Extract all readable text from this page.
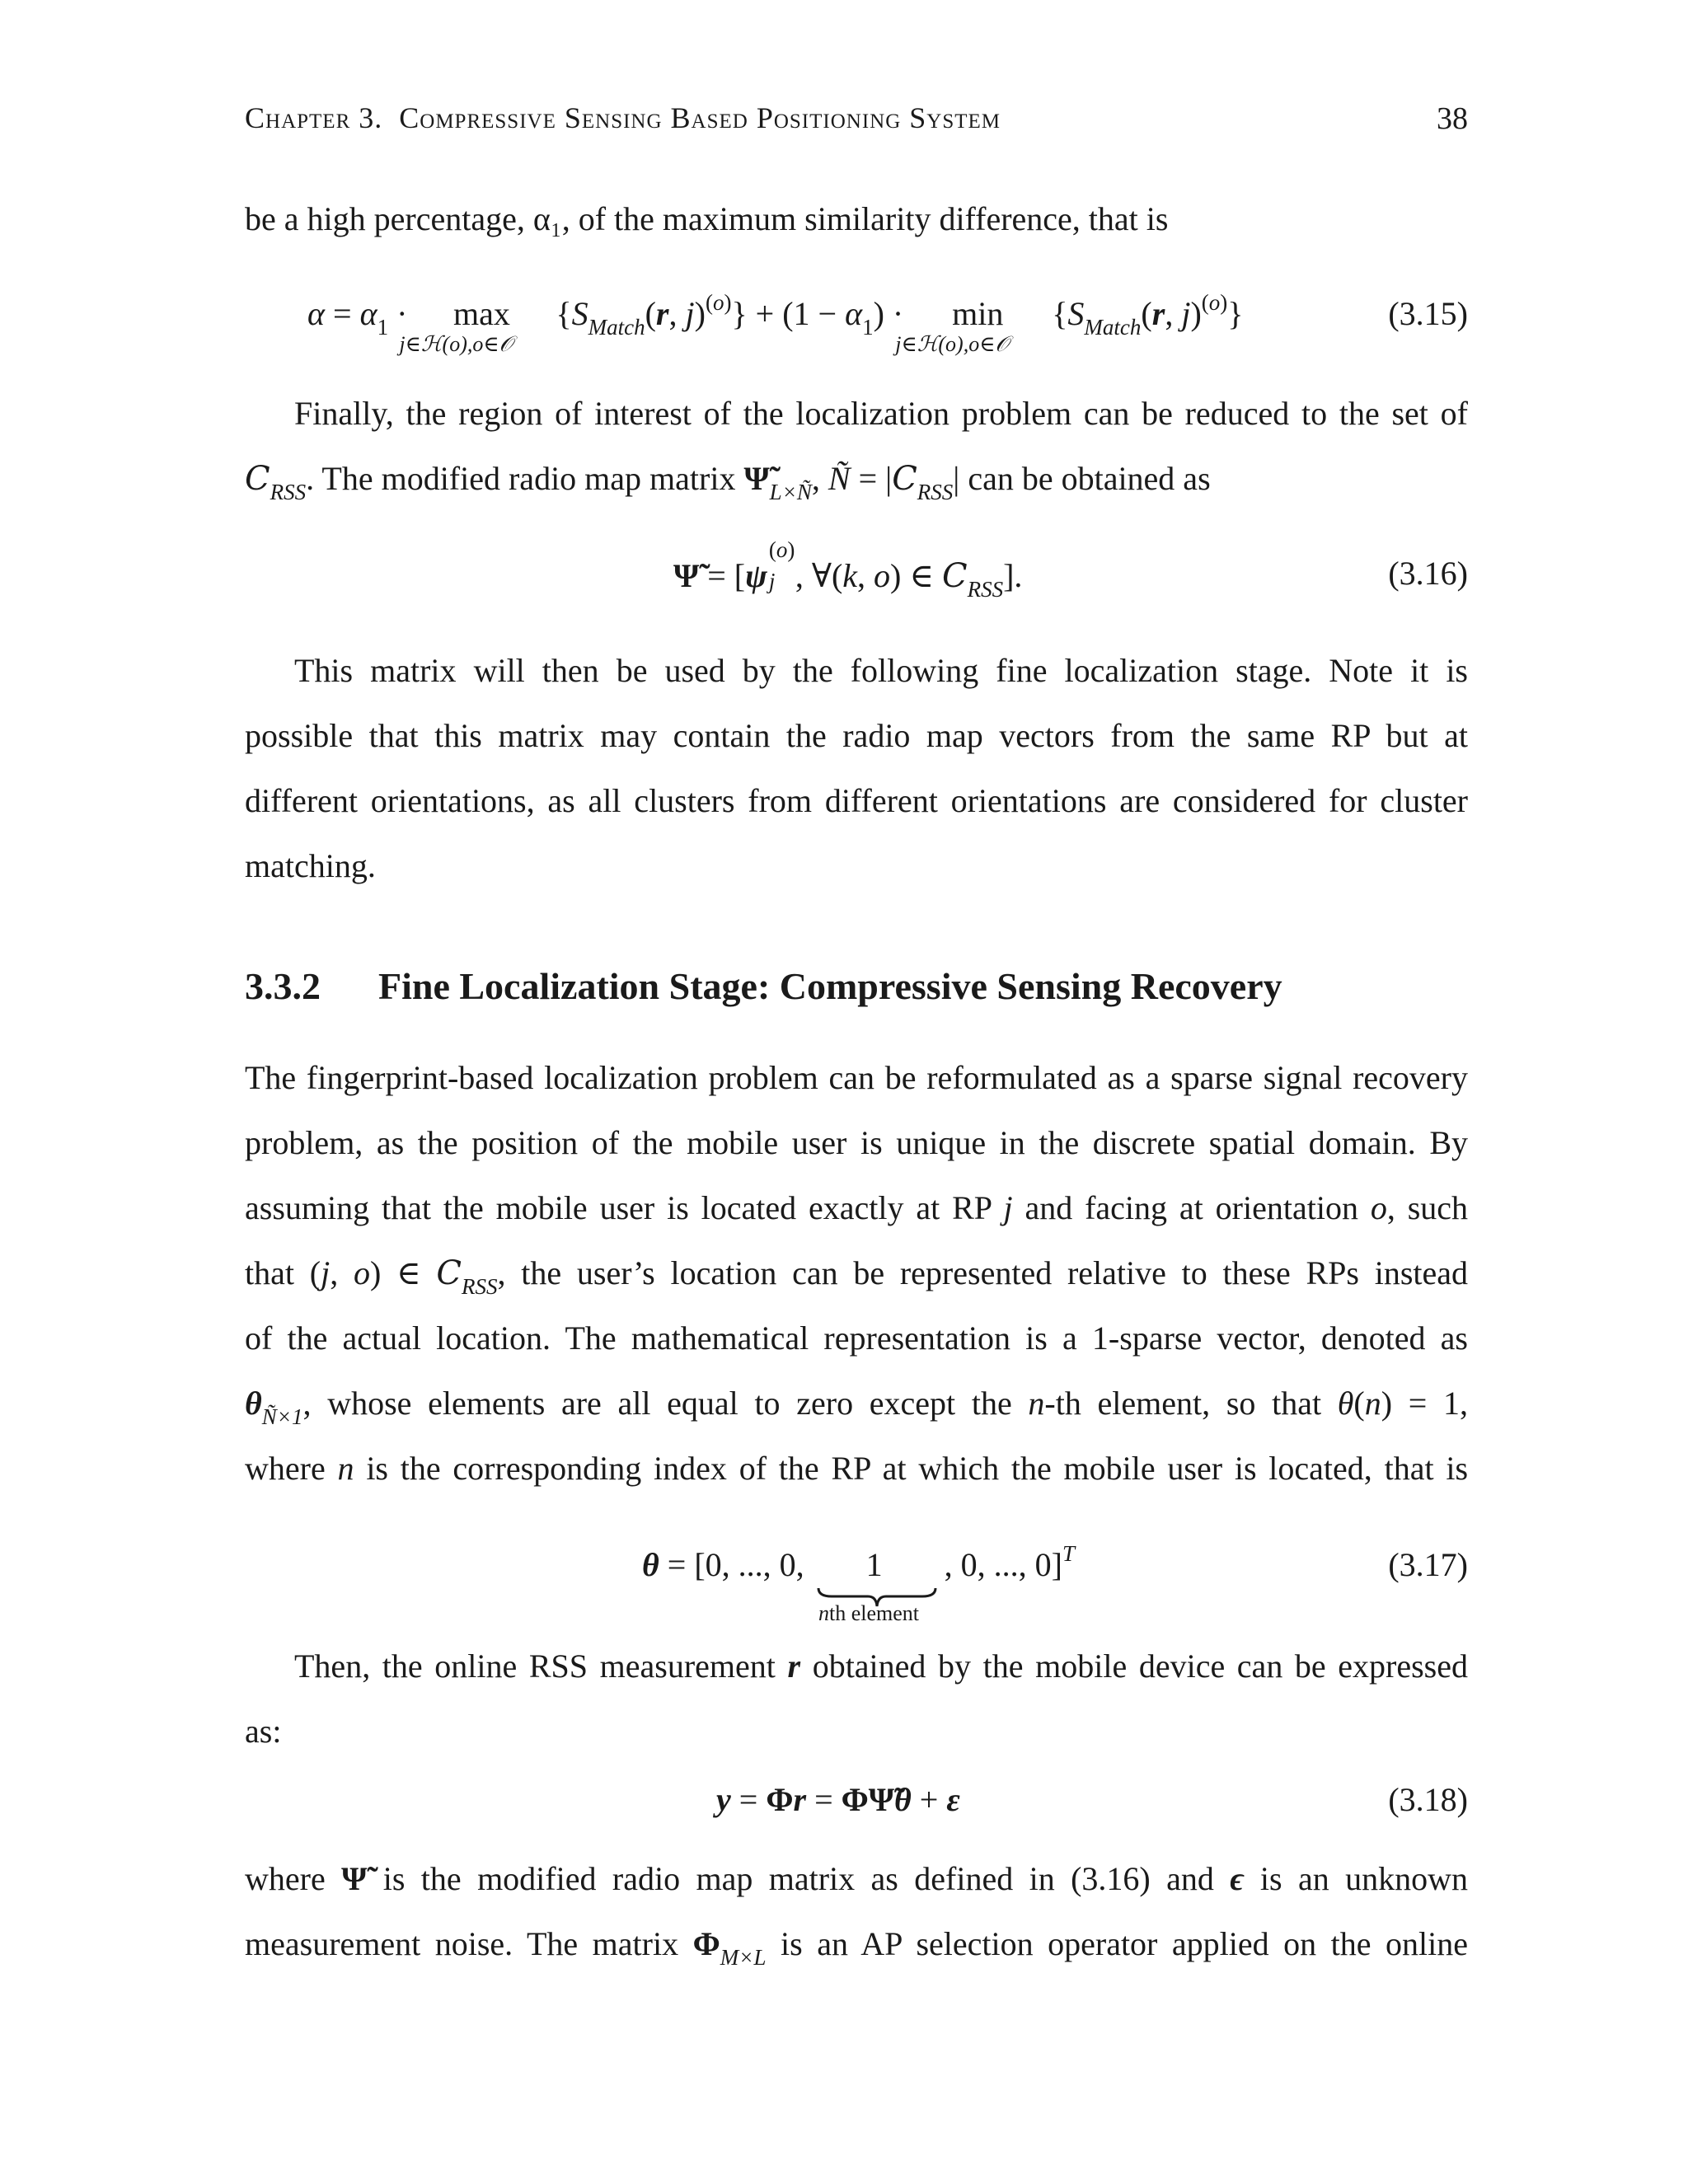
Chapter 3. Compressive Sensing Based Positioning System	38
be a high percentage, α₁, of the maximum similarity difference, that is
$\alpha = \alpha_1 \cdot \max$
j∈ℋ(o),o∈𝒪
{$S_{Match}(r$, $j)^{(o)}\} + (1 - \alpha_1) \cdot \min$
j∈ℋ(o),o∈𝒪
{$S_{Match}(r$, j)$^{(o)}$}	(3.15)
Finally, the region of interest of the localization problem can be reduced to the set of
$C_{RSS}$. The modified radio map matrix $\Psĩ_{L\times Ñ}$, Ñ = $|C_{RSS}|$ can be obtained as
Ψ̃ = [ψ
(o)
j , ∀(k, o) ∈ $C_{RSS}$].	(3.16)
This matrix will then be used by the following fine localization stage. Note it is
possible that this matrix may contain the radio map vectors from the same RP but at
different orientations, as all clusters from different orientations are considered for cluster
matching.
3.3.2 Fine Localization Stage: Compressive Sensing Recovery
The fingerprint-based localization problem can be reformulated as a sparse signal recovery
problem, as the position of the mobile user is unique in the discrete spatial domain. By
assuming that the mobile user is located exactly at RP j and facing at orientation o, such
that (j, o) ∈ $C_{RSS}$, the user’s location can be represented relative to these RPs instead
of the actual location. The mathematical representation is a 1-sparse vector, denoted as
$\theta_{Ñ\times 1}$, whose elements are all equal to zero except the n-th element, so that θ(n) = 1,
where n is the corresponding index of the RP at which the mobile user is located, that is
θ = [0, ..., 0, 1 , 0, ..., 0]$^T$
nth element
(3.17)
Then, the online RSS measurement r obtained by the mobile device can be expressed
as:
y = Φr = ΦΨ̃θ + ε	(3.18)
where Ψ̃ is the modified radio map matrix as defined in (3.16) and ϵ is an unknown
measurement noise. The matrix $\Phi_{M\times L}$ is an AP selection operator applied on the online
